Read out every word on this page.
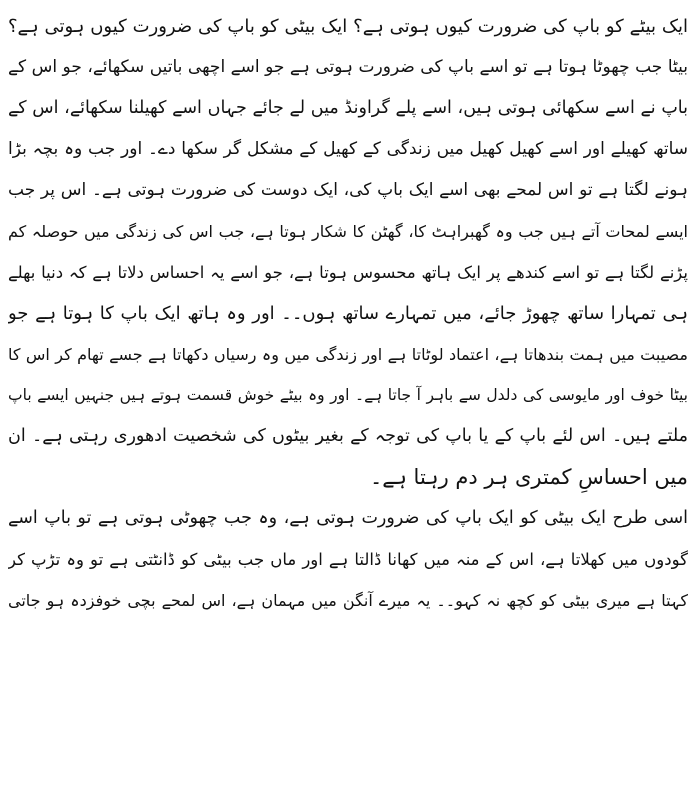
ایک بیٹے کو باپ کی ضرورت کیوں ہوتی ہے؟ ایک بیٹی کو باپ کی ضرورت کیوں ہوتی ہے؟
بیٹا جب چھوٹا ہوتا ہے تو اسے باپ کی ضرورت ہوتی ہے جو اسے اچھی باتیں سکھائے، جو اس کے
باپ نے اسے سکھائی ہوتی ہیں، اسے پلے گراونڈ میں لے جائے جہاں اسے کھیلنا سکھائے، اس کے
ساتھ کھیلے اور اسے کھیل کھیل میں زندگی کے کھیل کے مشکل گر سکھا دے۔ اور جب وہ بچہ بڑا
ہونے لگتا ہے تو اس لمحے بھی اسے ایک باپ کی، ایک دوست کی ضرورت ہوتی ہے۔ اس پر جب
ایسے لمحات آتے ہیں جب وہ گھبراہٹ کا، گھٹن کا شکار ہوتا ہے، جب اس کی زندگی میں حوصلہ کم
پڑنے لگتا ہے تو اسے کندھے پر ایک ہاتھ محسوس ہوتا ہے، جو اسے یہ احساس دلاتا ہے کہ دنیا بھلے
ہی تمہارا ساتھ چھوڑ جائے، میں تمہارے ساتھ ہوں۔۔ اور وہ ہاتھ ایک باپ کا ہوتا ہے جو
مصیبت میں ہمت بندھاتا ہے، اعتماد لوٹاتا ہے اور زندگی میں وہ رسیاں دکھاتا ہے جسے تھام کر اس کا
بیٹا خوف اور مایوسی کی دلدل سے باہر آ جاتا ہے۔ اور وہ بیٹے خوش قسمت ہوتے ہیں جنہیں ایسے باپ
ملتے ہیں۔ اس لئے باپ کے یا باپ کی توجہ کے بغیر بیٹوں کی شخصیت ادھوری رہتی ہے۔ ان
میں احساسِ کمتری ہر دم رہتا ہے۔
اسی طرح ایک بیٹی کو ایک باپ کی ضرورت ہوتی ہے، وہ جب چھوٹی ہوتی ہے تو باپ اسے
گودوں میں کھلاتا ہے، اس کے منہ میں کھانا ڈالتا ہے اور ماں جب بیٹی کو ڈانٹتی ہے تو وہ تڑپ کر
کہتا ہے میری بیٹی کو کچھ نہ کہو۔۔ یہ میرے آنگن میں مہمان ہے، اس لمحے بچی خوفزدہ ہو جاتی
